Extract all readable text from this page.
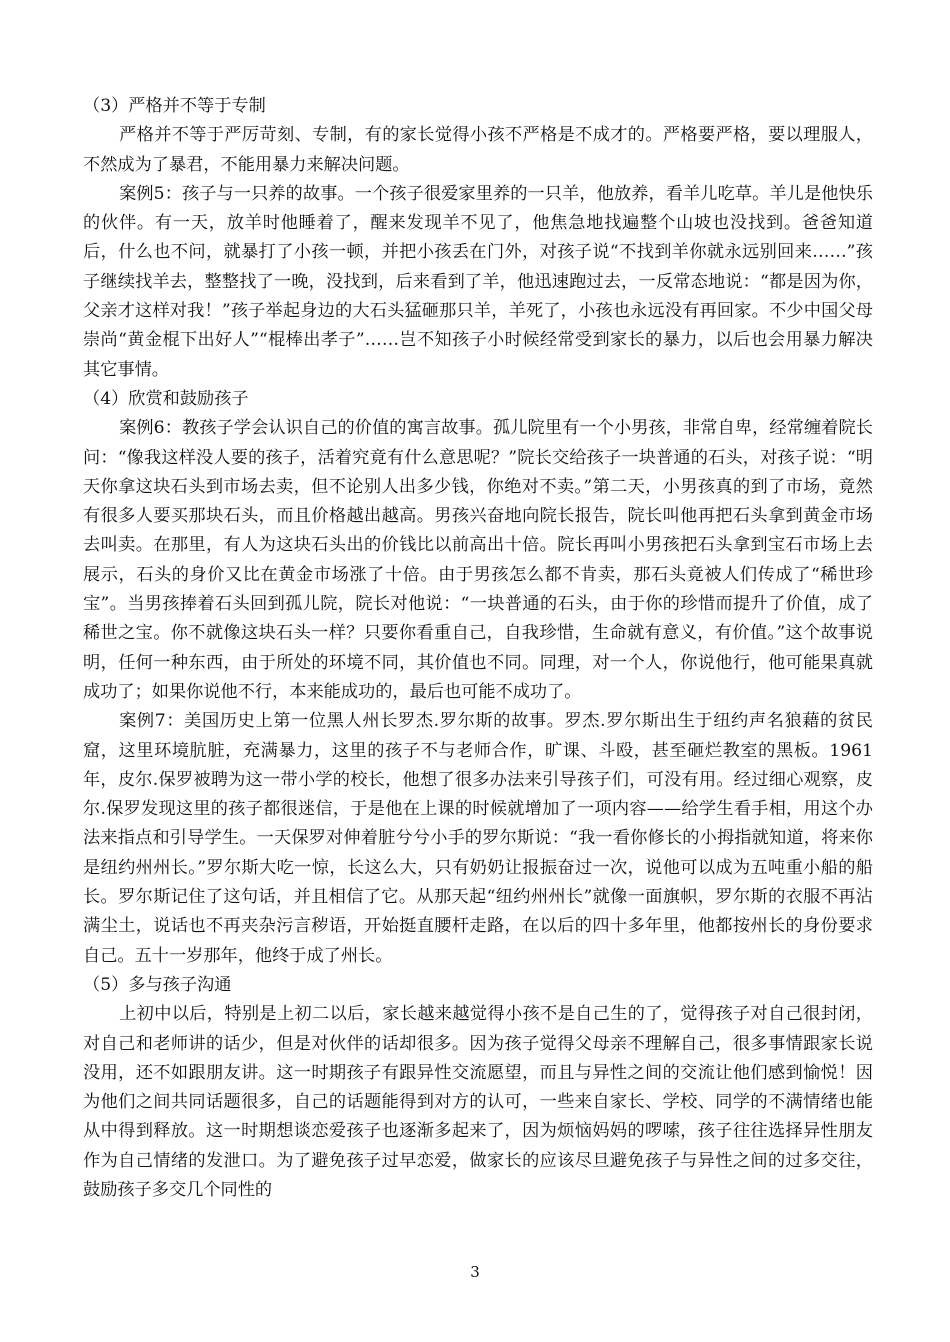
（3）严格并不等于专制

严格并不等于严厉苛刻、专制，有的家长觉得小孩不严格是不成才的。严格要严格，要以理服人，不然成为了暴君，不能用暴力来解决问题。

案例5：孩子与一只养的故事。一个孩子很爱家里养的一只羊，他放养，看羊儿吃草。羊儿是他快乐的伙伴。有一天，放羊时他睡着了，醒来发现羊不见了，他焦急地找遍整个山坡也没找到。爸爸知道后，什么也不问，就暴打了小孩一顿，并把小孩丢在门外，对孩子说“不找到羊你就永远别回来……”孩子继续找羊去，整整找了一晚，没找到，后来看到了羊，他迅速跑过去，一反常态地说：“都是因为你，父亲才这样对我！”孩子举起身边的大石头猛砸那只羊，羊死了，小孩也永远没有再回家。不少中国父母崇尚“黄金棍下出好人”“棍棒出孝子”……岂不知孩子小时候经常受到家长的暴力，以后也会用暴力解决其它事情。

（4）欣赏和鼓励孩子

案例6：教孩子学会认识自己的价值的寓言故事。孤儿院里有一个小男孩，非常自卑，经常缠着院长问：“像我这样没人要的孩子，活着究竟有什么意思呢？”院长交给孩子一块普通的石头，对孩子说：“明天你拿这块石头到市场去卖，但不论别人出多少钱，你绝对不卖。”第二天，小男孩真的到了市场，竟然有很多人要买那块石头，而且价格越出越高。男孩兴奋地向院长报告，院长叫他再把石头拿到黄金市场去叫卖。在那里，有人为这块石头出的价钱比以前高出十倍。院长再叫小男孩把石头拿到宝石市场上去展示，石头的身价又比在黄金市场涨了十倍。由于男孩怎么都不肯卖，那石头竟被人们传成了“稀世珍宝”。当男孩捧着石头回到孤儿院，院长对他说：“一块普通的石头，由于你的珍惜而提升了价值，成了稀世之宝。你不就像这块石头一样？只要你看重自己，自我珍惜，生命就有意义，有价值。”这个故事说明，任何一种东西，由于所处的环境不同，其价值也不同。同理，对一个人，你说他行，他可能果真就成功了；如果你说他不行，本来能成功的，最后也可能不成功了。

案例7：美国历史上第一位黑人州长罗杰.罗尔斯的故事。罗杰.罗尔斯出生于纽约声名狼藉的贫民窟，这里环境肮脏，充满暴力，这里的孩子不与老师合作，旷课、斗殴，甚至砸烂教室的黑板。1961年，皮尔.保罗被聘为这一带小学的校长，他想了很多办法来引导孩子们，可没有用。经过细心观察，皮尔.保罗发现这里的孩子都很迷信，于是他在上课的时候就增加了一项内容——给学生看手相，用这个办法来指点和引导学生。一天保罗对伸着脏兮兮小手的罗尔斯说：“我一看你修长的小拇指就知道，将来你是纽约州州长。”罗尔斯大吃一惊，长这么大，只有奶奶让报振奋过一次，说他可以成为五吨重小船的船长。罗尔斯记住了这句话，并且相信了它。从那天起“纽约州州长”就像一面旗帜，罗尔斯的衣服不再沾满尘土，说话也不再夹杂污言秽语，开始挺直腰杆走路，在以后的四十多年里，他都按州长的身份要求自己。五十一岁那年，他终于成了州长。

（5）多与孩子沟通

上初中以后，特别是上初二以后，家长越来越觉得小孩不是自己生的了，觉得孩子对自己很封闭，对自己和老师讲的话少，但是对伙伴的话却很多。因为孩子觉得父母亲不理解自己，很多事情跟家长说没用，还不如跟朋友讲。这一时期孩子有跟异性交流愿望，而且与异性之间的交流让他们感到愉悦！因为他们之间共同话题很多，自己的话题能得到对方的认可，一些来自家长、学校、同学的不满情绪也能从中得到释放。这一时期想谈恋爱孩子也逐渐多起来了，因为烦恼妈妈的啰嗦，孩子往往选择异性朋友作为自己情绪的发泄口。为了避免孩子过早恋爱，做家长的应该尽旦避免孩子与异性之间的过多交往，鼓励孩子多交几个同性的

3
